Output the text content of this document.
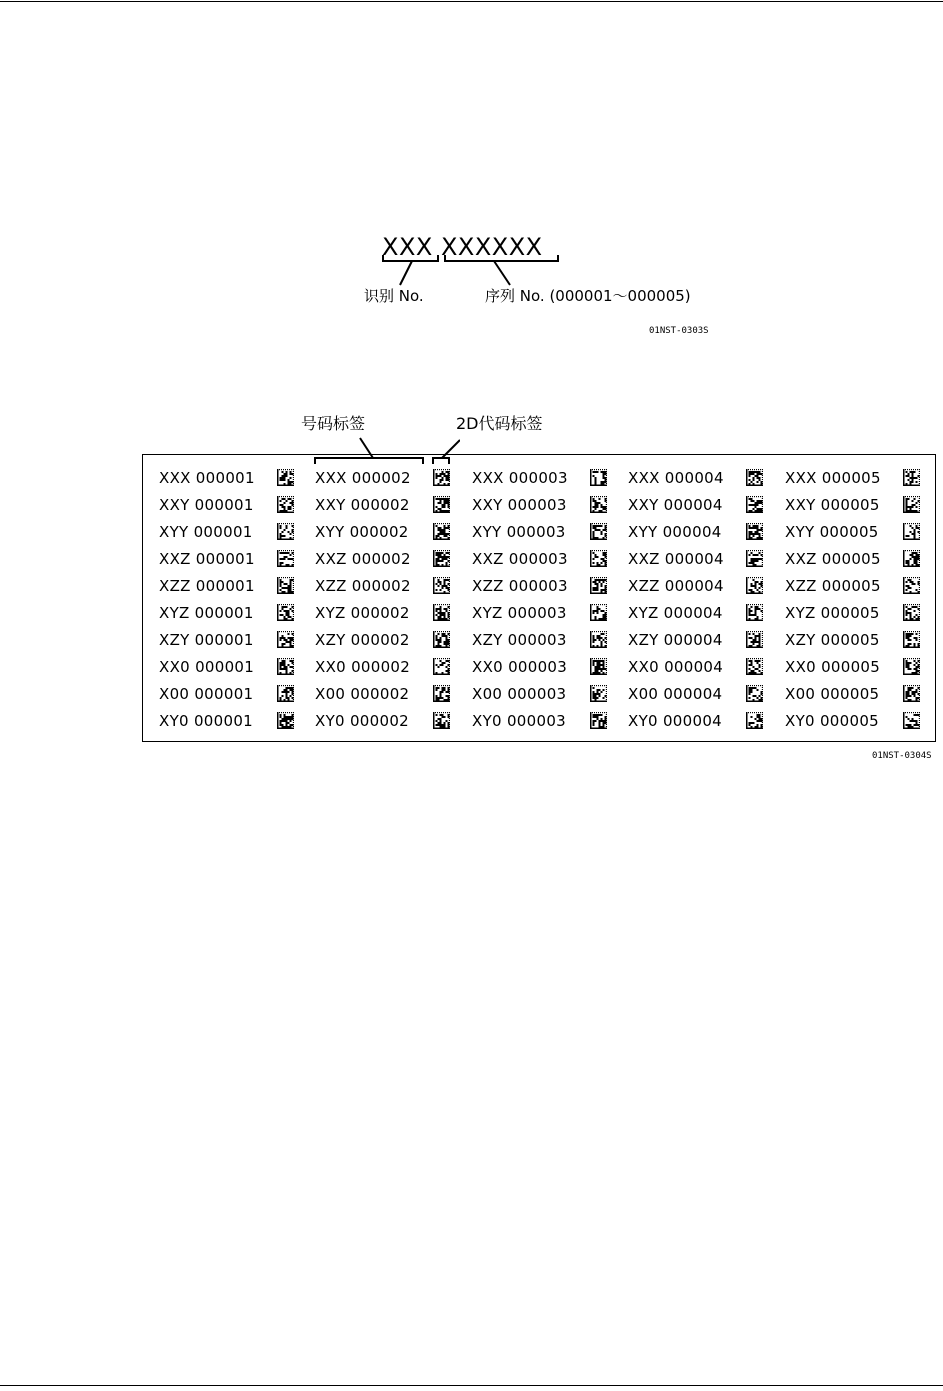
XXX XXXXXX
识别 No.	序列 No. (000001～000005)
01NST-0303S
号码标签	2D代码标签
XXX 000001	XXX 000002	XXX 000003	XXX 000004	XXX 000005
XXY 000001	XXY 000002	XXY 000003	XXY 000004	XXY 000005
XYY 000001	XYY 000002	XYY 000003	XYY 000004	XYY 000005
XXZ 000001	XXZ 000002	XXZ 000003	XXZ 000004	XXZ 000005
XZZ 000001	XZZ 000002	XZZ 000003	XZZ 000004	XZZ 000005
XYZ 000001	XYZ 000002	XYZ 000003	XYZ 000004	XYZ 000005
XZY 000001	XZY 000002	XZY 000003	XZY 000004	XZY 000005
XX0 000001	XX0 000002	XX0 000003	XX0 000004	XX0 000005
X00 000001	X00 000002	X00 000003	X00 000004	X00 000005
XY0 000001	XY0 000002	XY0 000003	XY0 000004	XY0 000005
01NST-0304S
